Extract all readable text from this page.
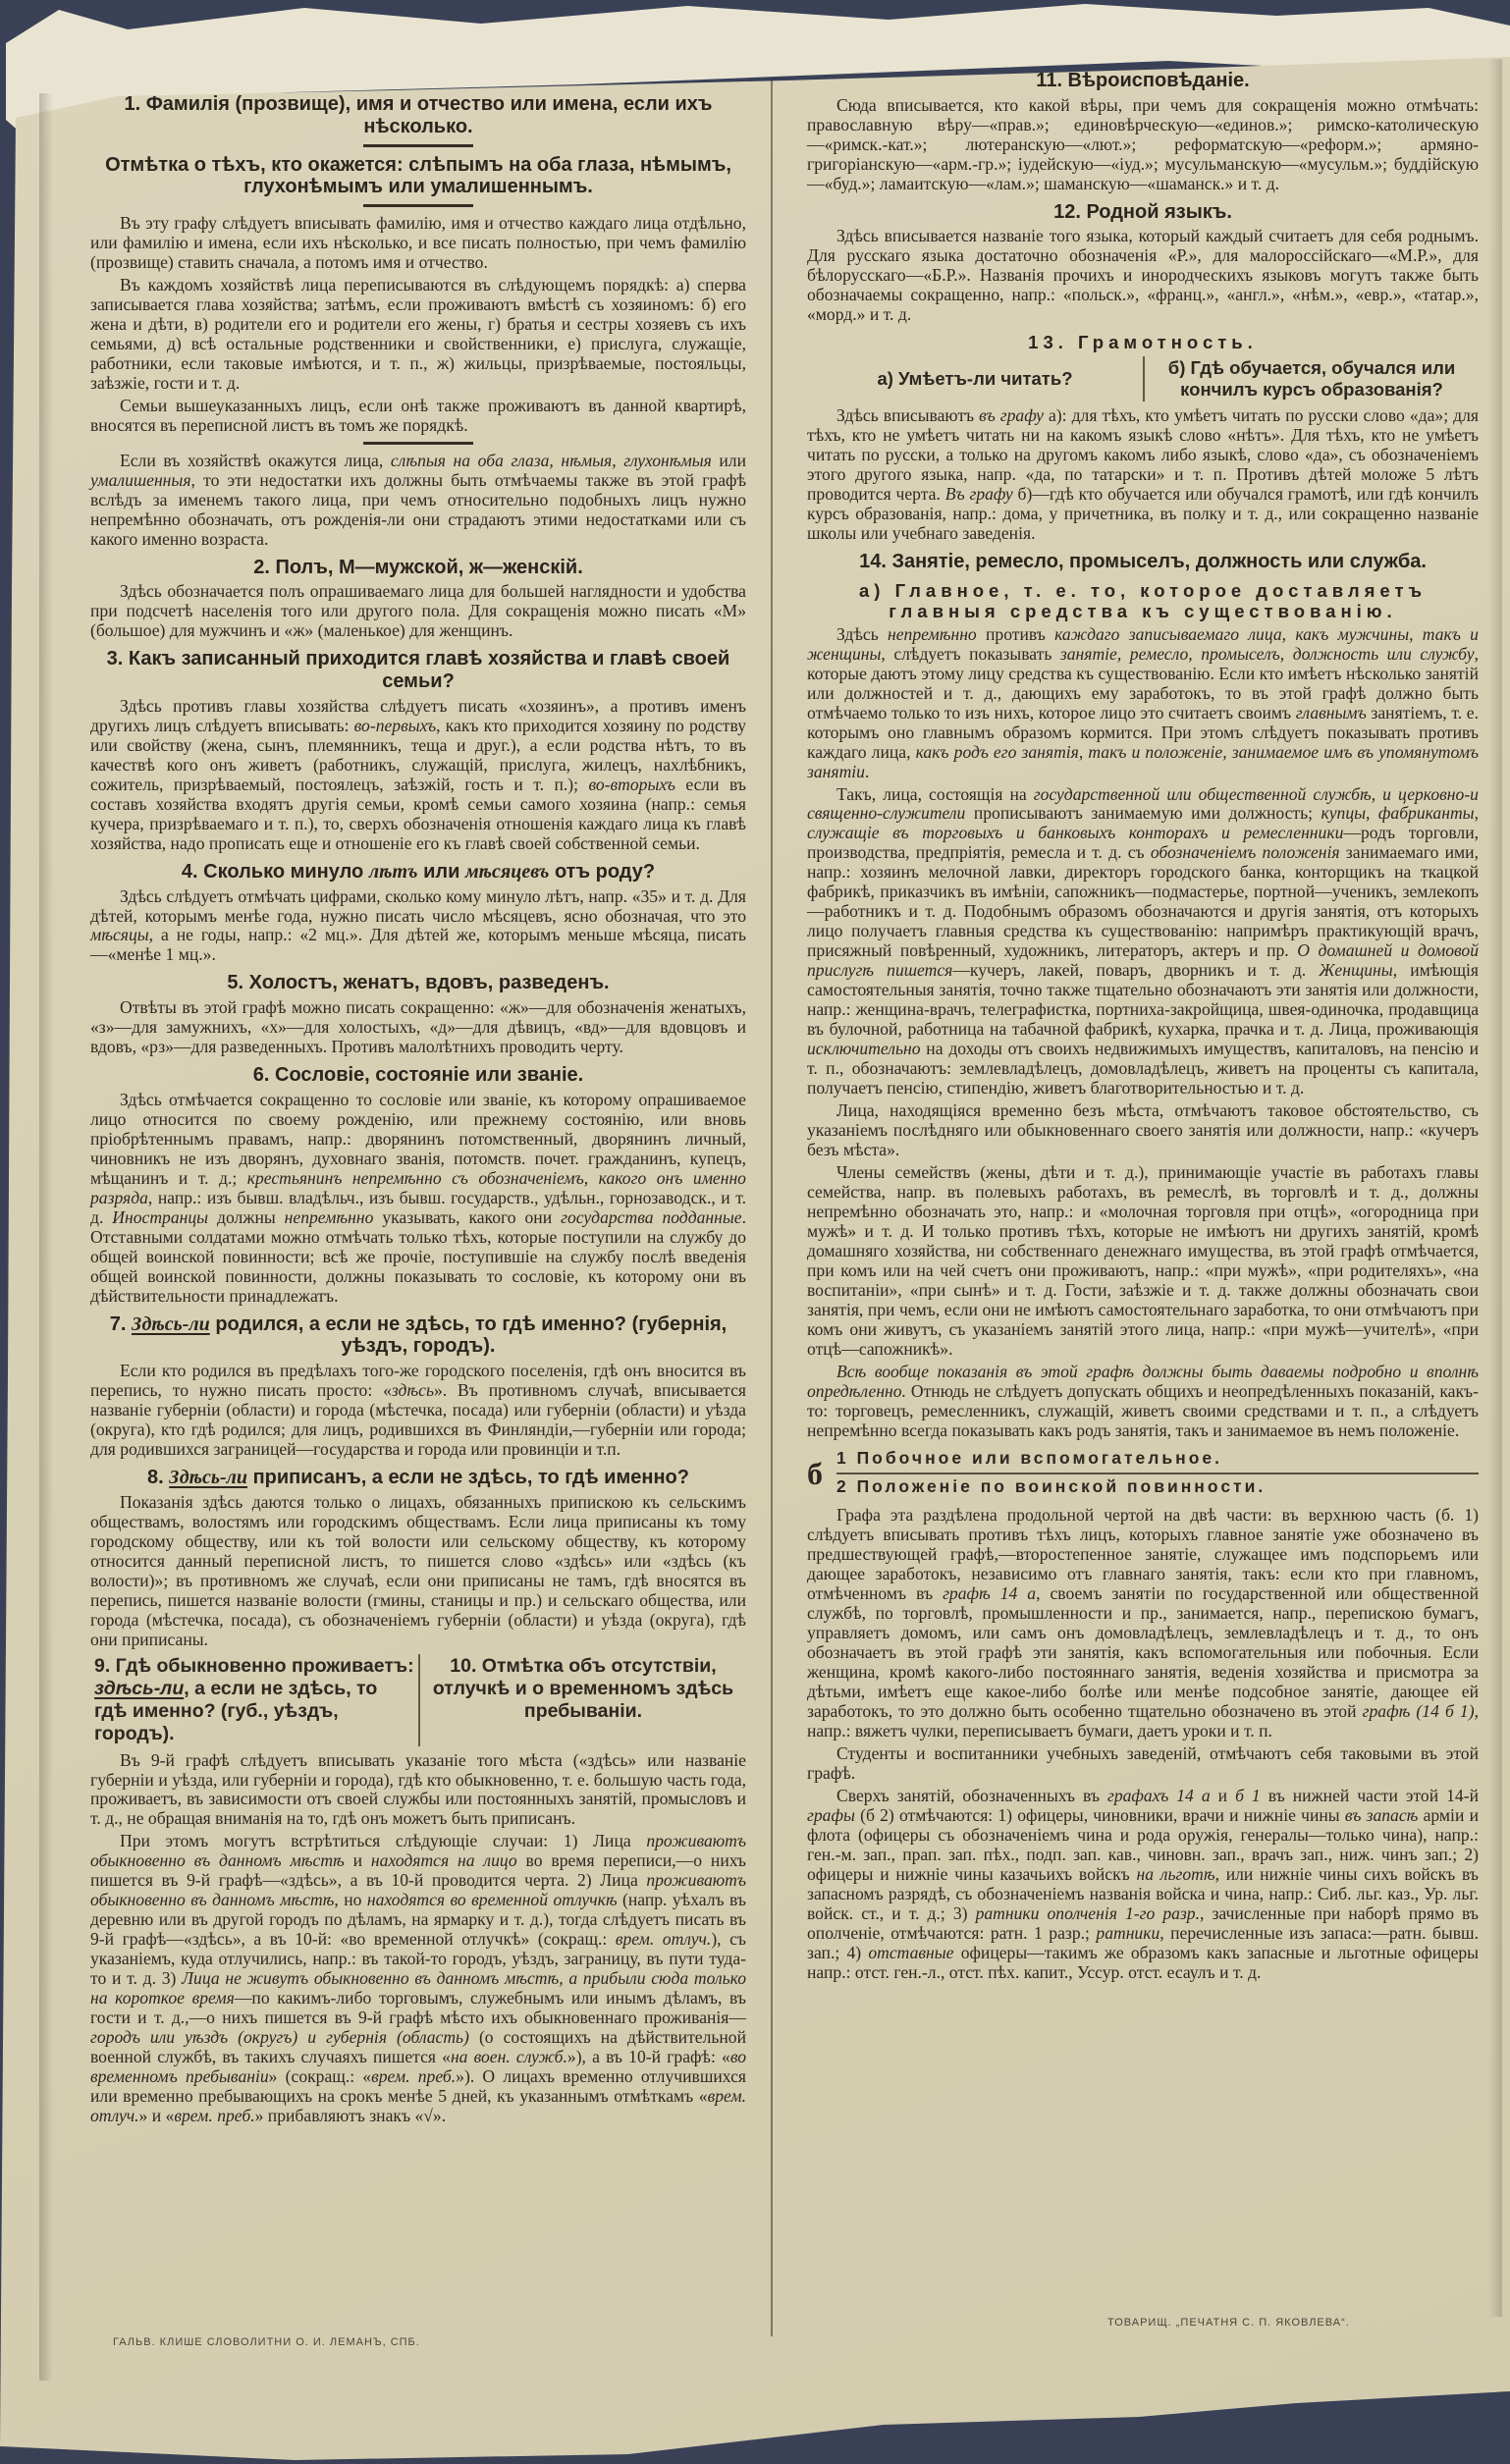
1. Фамилія (прозвище), имя и отчество или имена, если ихъ нѣсколько.
Отмѣтка о тѣхъ, кто окажется: слѣпымъ на оба глаза, нѣмымъ, глухонѣмымъ или умалишеннымъ.

Въ эту графу слѣдуетъ вписывать фамилію, имя и отчество каждаго лица отдѣльно, или фамилію и имена, если ихъ нѣсколько, и все писать полностью, при чемъ фамилію (прозвище) ставить сначала, а потомъ имя и отчество.

Въ каждомъ хозяйствѣ лица переписываются въ слѣдующемъ порядкѣ: а) сперва записывается глава хозяйства; затѣмъ, если проживаютъ вмѣстѣ съ хозяиномъ: б) его жена и дѣти, в) родители его и родители его жены, г) братья и сестры хозяевъ съ ихъ семьями, д) всѣ остальные родственники и свойственники, е) прислуга, служащіе, работники, если таковые имѣются, и т. п., ж) жильцы, призрѣваемые, постояльцы, заѣзжіе, гости и т. д.

Семьи вышеуказанныхъ лицъ, если онѣ также проживаютъ въ данной квартирѣ, вносятся въ переписной листъ въ томъ же порядкѣ.

Если въ хозяйствѣ окажутся лица, слѣпыя на оба глаза, нѣмыя, глухонѣмыя или умалишенныя, то эти недостатки ихъ должны быть отмѣчаемы также въ этой графѣ вслѣдъ за именемъ такого лица, при чемъ относительно подобныхъ лицъ нужно непремѣнно обозначать, отъ рожденія-ли они страдаютъ этими недостатками или съ какого именно возраста.

2. Полъ, М—мужской, ж—женскій.

Здѣсь обозначается полъ опрашиваемаго лица для большей наглядности и удобства при подсчетѣ населенія того или другого пола. Для сокращенія можно писать «М» (большое) для мужчинъ и «ж» (маленькое) для женщинъ.

3. Какъ записанный приходится главѣ хозяйства и главѣ своей семьи?

Здѣсь противъ главы хозяйства слѣдуетъ писать «хозяинъ», а противъ именъ другихъ лицъ слѣдуетъ вписывать: во-первыхъ, какъ кто приходится хозяину по родству или свойству (жена, сынъ, племянникъ, теща и друг.), а если родства нѣтъ, то въ качествѣ кого онъ живетъ (работникъ, служащій, прислуга, жилецъ, нахлѣбникъ, сожитель, призрѣваемый, постоялецъ, заѣзжій, гость и т. п.); во-вторыхъ если въ составъ хозяйства входятъ другія семьи, кромѣ семьи самого хозяина (напр.: семья кучера, призрѣваемаго и т. п.), то, сверхъ обозначенія отношенія каждаго лица къ главѣ хозяйства, надо прописать еще и отношеніе его къ главѣ своей собственной семьи.

4. Сколько минуло лѣтъ или мѣсяцевъ отъ роду?

Здѣсь слѣдуетъ отмѣчать цифрами, сколько кому минуло лѣтъ, напр. «35» и т. д. Для дѣтей, которымъ менѣе года, нужно писать число мѣсяцевъ, ясно обозначая, что это мѣсяцы, а не годы, напр.: «2 мц.». Для дѣтей же, которымъ меньше мѣсяца, писать—«менѣе 1 мц.».

5. Холостъ, женатъ, вдовъ, разведенъ.

Отвѣты въ этой графѣ можно писать сокращенно: «ж»—для обозначенія женатыхъ, «з»—для замужнихъ, «х»—для холостыхъ, «д»—для дѣвицъ, «вд»—для вдовцовъ и вдовъ, «рз»—для разведенныхъ. Противъ малолѣтнихъ проводить черту.

6. Сословіе, состояніе или званіе.

Здѣсь отмѣчается сокращенно то сословіе или званіе, къ которому опрашиваемое лицо относится по своему рожденію, или прежнему состоянію, или вновь пріобрѣтеннымъ правамъ, напр.: дворянинъ потомственный, дворянинъ личный, чиновникъ не изъ дворянъ, духовнаго званія, потомств. почет. гражданинъ, купецъ, мѣщанинъ и т. д.; крестьянинъ непремѣнно съ обозначеніемъ, какого онъ именно разряда, напр.: изъ бывш. владѣльч., изъ бывш. государств., удѣльн., горнозаводск., и т. д. Иностранцы должны непремѣнно указывать, какого они государства подданные. Отставными солдатами можно отмѣчать только тѣхъ, которые поступили на службу до общей воинской повинности; всѣ же прочіе, поступившіе на службу послѣ введенія общей воинской повинности, должны показывать то сословіе, къ которому они въ дѣйствительности принадлежатъ.

7. Здѣсь-ли родился, а если не здѣсь, то гдѣ именно? (губернія, уѣздъ, городъ).

Если кто родился въ предѣлахъ того-же городского поселенія, гдѣ онъ вносится въ перепись, то нужно писать просто: «здѣсь». Въ противномъ случаѣ, вписывается названіе губерніи (области) и города (мѣстечка, посада) или губерніи (области) и уѣзда (округа), кто гдѣ родился; для лицъ, родившихся въ Финляндіи,—губерніи или города; для родившихся заграницей—государства и города или провинціи и т.п.

8. Здѣсь-ли приписанъ, а если не здѣсь, то гдѣ именно?

Показанія здѣсь даются только о лицахъ, обязанныхъ припискою къ сельскимъ обществамъ, волостямъ или городскимъ обществамъ. Если лица приписаны къ тому городскому обществу, или къ той волости или сельскому обществу, къ которому относится данный переписной листъ, то пишется слово «здѣсь» или «здѣсь (къ волости)»; въ противномъ же случаѣ, если они приписаны не тамъ, гдѣ вносятся въ перепись, пишется названіе волости (гмины, станицы и пр.) и сельскаго общества, или города (мѣстечка, посада), съ обозначеніемъ губерніи (области) и уѣзда (округа), гдѣ они приписаны.

9. Гдѣ обыкновенно проживаетъ: здѣсь-ли, а если не здѣсь, то гдѣ именно? (губ., уѣздъ, городъ).
10. Отмѣтка объ отсутствіи, отлучкѣ и о временномъ здѣсь пребываніи.

Въ 9-й графѣ слѣдуетъ вписывать указаніе того мѣста («здѣсь» или названіе губерніи и уѣзда, или губерніи и города), гдѣ кто обыкновенно, т. е. большую часть года, проживаетъ, въ зависимости отъ своей службы или постоянныхъ занятій, промысловъ и т. д., не обращая вниманія на то, гдѣ онъ можетъ быть приписанъ.

При этомъ могутъ встрѣтиться слѣдующіе случаи: 1) Лица проживаютъ обыкновенно въ данномъ мѣстѣ и находятся на лицо во время переписи,—о нихъ пишется въ 9-й графѣ—«здѣсь», а въ 10-й проводится черта. 2) Лица проживаютъ обыкновенно въ данномъ мѣстѣ, но находятся во временной отлучкѣ (напр. уѣхалъ въ деревню или въ другой городъ по дѣламъ, на ярмарку и т. д.), тогда слѣдуетъ писать въ 9-й графѣ—«здѣсь», а въ 10-й: «во временной отлучкѣ» (сокращ.: врем. отлуч.), съ указаніемъ, куда отлучились, напр.: въ такой-то городъ, уѣздъ, заграницу, въ пути туда-то и т. д. 3) Лица не живутъ обыкновенно въ данномъ мѣстѣ, а прибыли сюда только на короткое время—по какимъ-либо торговымъ, служебнымъ или инымъ дѣламъ, въ гости и т. д.,—о нихъ пишется въ 9-й графѣ мѣсто ихъ обыкновеннаго проживанія—городъ или уѣздъ (округъ) и губернія (область) (о состоящихъ на дѣйствительной военной службѣ, въ такихъ случаяхъ пишется «на воен. служб.»), а въ 10-й графѣ: «во временномъ пребываніи» (сокращ.: «врем. преб.»). О лицахъ временно отлучившихся или временно пребывающихъ на срокъ менѣе 5 дней, къ указаннымъ отмѣткамъ «врем. отлуч.» и «врем. преб.» прибавляютъ знакъ «√».

11. Вѣроисповѣданіе.

Сюда вписывается, кто какой вѣры, при чемъ для сокращенія можно отмѣчать: православную вѣру—«прав.»; единовѣрческую—«единов.»; римско-католическую—«римск.-кат.»; лютеранскую—«лют.»; реформатскую—«реформ.»; армяно-григоріанскую—«арм.-гр.»; іудейскую—«іуд.»; мусульманскую—«мусульм.»; буддійскую—«буд.»; ламаитскую—«лам.»; шаманскую—«шаманск.» и т. д.

12. Родной языкъ.

Здѣсь вписывается названіе того языка, который каждый считаетъ для себя роднымъ. Для русскаго языка достаточно обозначенія «Р.», для малороссійскаго—«М.Р.», для бѣлорусскаго—«Б.Р.». Названія прочихъ и инородческихъ языковъ могутъ также быть обозначаемы сокращенно, напр.: «польск.», «франц.», «англ.», «нѣм.», «евр.», «татар.», «морд.» и т. д.

13. Грамотность.
а) Умѣетъ-ли читать?
б) Гдѣ обучается, обучался или кончилъ курсъ образованія?

Здѣсь вписываютъ въ графу а): для тѣхъ, кто умѣетъ читать по русски слово «да»; для тѣхъ, кто не умѣетъ читать ни на какомъ языкѣ слово «нѣтъ». Для тѣхъ, кто не умѣетъ читать по русски, а только на другомъ какомъ либо языкѣ, слово «да», съ обозначеніемъ этого другого языка, напр. «да, по татарски» и т. п. Противъ дѣтей моложе 5 лѣтъ проводится черта. Въ графу б)—гдѣ кто обучается или обучался грамотѣ, или гдѣ кончилъ курсъ образованія, напр.: дома, у причетника, въ полку и т. д., или сокращенно названіе школы или учебнаго заведенія.

14. Занятіе, ремесло, промыселъ, должность или служба.
а) Главное, т. е. то, которое доставляетъ главныя средства къ существованію.

Здѣсь непремѣнно противъ каждаго записываемаго лица, какъ мужчины, такъ и женщины, слѣдуетъ показывать занятіе, ремесло, промыселъ, должность или службу, которые даютъ этому лицу средства къ существованію. Если кто имѣетъ нѣсколько занятій или должностей и т. д., дающихъ ему заработокъ, то въ этой графѣ должно быть отмѣчаемо только то изъ нихъ, которое лицо это считаетъ своимъ главнымъ занятіемъ, т. е. которымъ оно главнымъ образомъ кормится. При этомъ слѣдуетъ показывать противъ каждаго лица, какъ родъ его занятія, такъ и положеніе, занимаемое имъ въ упомянутомъ занятіи.

Такъ, лица, состоящія на государственной или общественной службѣ, и церковно-и священно-служители прописываютъ занимаемую ими должность; купцы, фабриканты, служащіе въ торговыхъ и банковыхъ конторахъ и ремесленники—родъ торговли, производства, предпріятія, ремесла и т. д. съ обозначеніемъ положенія занимаемаго ими, напр.: хозяинъ мелочной лавки, директоръ городского банка, конторщикъ на ткацкой фабрикѣ, приказчикъ въ имѣніи, сапожникъ—подмастерье, портной—ученикъ, землекопъ—работникъ и т. д. Подобнымъ образомъ обозначаются и другія занятія, отъ которыхъ лицо получаетъ главныя средства къ существованію: напримѣръ практикующій врачъ, присяжный повѣренный, художникъ, литераторъ, актеръ и пр. О домашней и домовой прислугѣ пишется—кучеръ, лакей, поваръ, дворникъ и т. д. Женщины, имѣющія самостоятельныя занятія, точно также тщательно обозначаютъ эти занятія или должности, напр.: женщина-врачъ, телеграфистка, портниха-закройщица, швея-одиночка, продавщица въ булочной, работница на табачной фабрикѣ, кухарка, прачка и т. д. Лица, проживающія исключительно на доходы отъ своихъ недвижимыхъ имуществъ, капиталовъ, на пенсію и т. п., обозначаютъ: землевладѣлецъ, домовладѣлецъ, живетъ на проценты съ капитала, получаетъ пенсію, стипендію, живетъ благотворительностью и т. д.

Лица, находящіяся временно безъ мѣста, отмѣчаютъ таковое обстоятельство, съ указаніемъ послѣдняго или обыкновеннаго своего занятія или должности, напр.: «кучеръ безъ мѣста».

Члены семействъ (жены, дѣти и т. д.), принимающіе участіе въ работахъ главы семейства, напр. въ полевыхъ работахъ, въ ремеслѣ, въ торговлѣ и т. д., должны непремѣнно обозначать это, напр.: и «молочная торговля при отцѣ», «огородница при мужѣ» и т. д. И только противъ тѣхъ, которые не имѣютъ ни другихъ занятій, кромѣ домашняго хозяйства, ни собственнаго денежнаго имущества, въ этой графѣ отмѣчается, при комъ или на чей счетъ они проживаютъ, напр.: «при мужѣ», «при родителяхъ», «на воспитаніи», «при сынѣ» и т. д. Гости, заѣзжіе и т. д. также должны обозначать свои занятія, при чемъ, если они не имѣютъ самостоятельнаго заработка, то они отмѣчаютъ при комъ они живутъ, съ указаніемъ занятій этого лица, напр.: «при мужѣ—учителѣ», «при отцѣ—сапожникѣ».

Всѣ вообще показанія въ этой графѣ должны быть даваемы подробно и вполнѣ опредѣленно. Отнюдь не слѣдуетъ допускать общихъ и неопредѣленныхъ показаній, какъ-то: торговецъ, ремесленникъ, служащій, живетъ своими средствами и т. п., а слѣдуетъ непремѣнно всегда показывать какъ родъ занятія, такъ и занимаемое въ немъ положеніе.

б 1 Побочное или вспомогательное.
2 Положеніе по воинской повинности.

Графа эта раздѣлена продольной чертой на двѣ части: въ верхнюю часть (б. 1) слѣдуетъ вписывать противъ тѣхъ лицъ, которыхъ главное занятіе уже обозначено въ предшествующей графѣ,—второстепенное занятіе, служащее имъ подспорьемъ или дающее заработокъ, независимо отъ главнаго занятія, такъ: если кто при главномъ, отмѣченномъ въ графѣ 14 а, своемъ занятіи по государственной или общественной службѣ, по торговлѣ, промышленности и пр., занимается, напр., перепискою бумагъ, управляетъ домомъ, или самъ онъ домовладѣлецъ, землевладѣлецъ и т. д., то онъ обозначаетъ въ этой графѣ эти занятія, какъ вспомогательныя или побочныя. Если женщина, кромѣ какого-либо постояннаго занятія, веденія хозяйства и присмотра за дѣтьми, имѣетъ еще какое-либо болѣе или менѣе подсобное занятіе, дающее ей заработокъ, то это должно быть особенно тщательно обозначено въ этой графѣ (14 б 1), напр.: вяжетъ чулки, переписываетъ бумаги, даетъ уроки и т. п.

Студенты и воспитанники учебныхъ заведеній, отмѣчаютъ себя таковыми въ этой графѣ.

Сверхъ занятій, обозначенныхъ въ графахъ 14 а и б 1 въ нижней части этой 14-й графы (б 2) отмѣчаются: 1) офицеры, чиновники, врачи и нижніе чины въ запасѣ арміи и флота (офицеры съ обозначеніемъ чина и рода оружія, генералы—только чина), напр.: ген.-м. зап., прап. зап. пѣх., подп. зап. кав., чиновн. зап., врачъ зап., ниж. чинъ зап.; 2) офицеры и нижніе чины казачьихъ войскъ на льготѣ, или нижніе чины сихъ войскъ въ запасномъ разрядѣ, съ обозначеніемъ названія войска и чина, напр.: Сиб. льг. каз., Ур. льг. войск. ст., и т. д.; 3) ратники ополченія 1-го разр., зачисленные при наборѣ прямо въ ополченіе, отмѣчаются: ратн. 1 разр.; ратники, перечисленные изъ запаса:—ратн. бывш. зап.; 4) отставные офицеры—такимъ же образомъ какъ запасные и льготные офицеры напр.: отст. ген.-л., отст. пѣх. капит., Уссур. отст. есаулъ и т. д.

ГАЛЬВ. КЛИШЕ СЛОВОЛИТНИ О. И. ЛЕМАНЪ, СПБ.
ТОВАРИЩ. „ПЕЧАТНЯ С. П. ЯКОВЛЕВА“.
